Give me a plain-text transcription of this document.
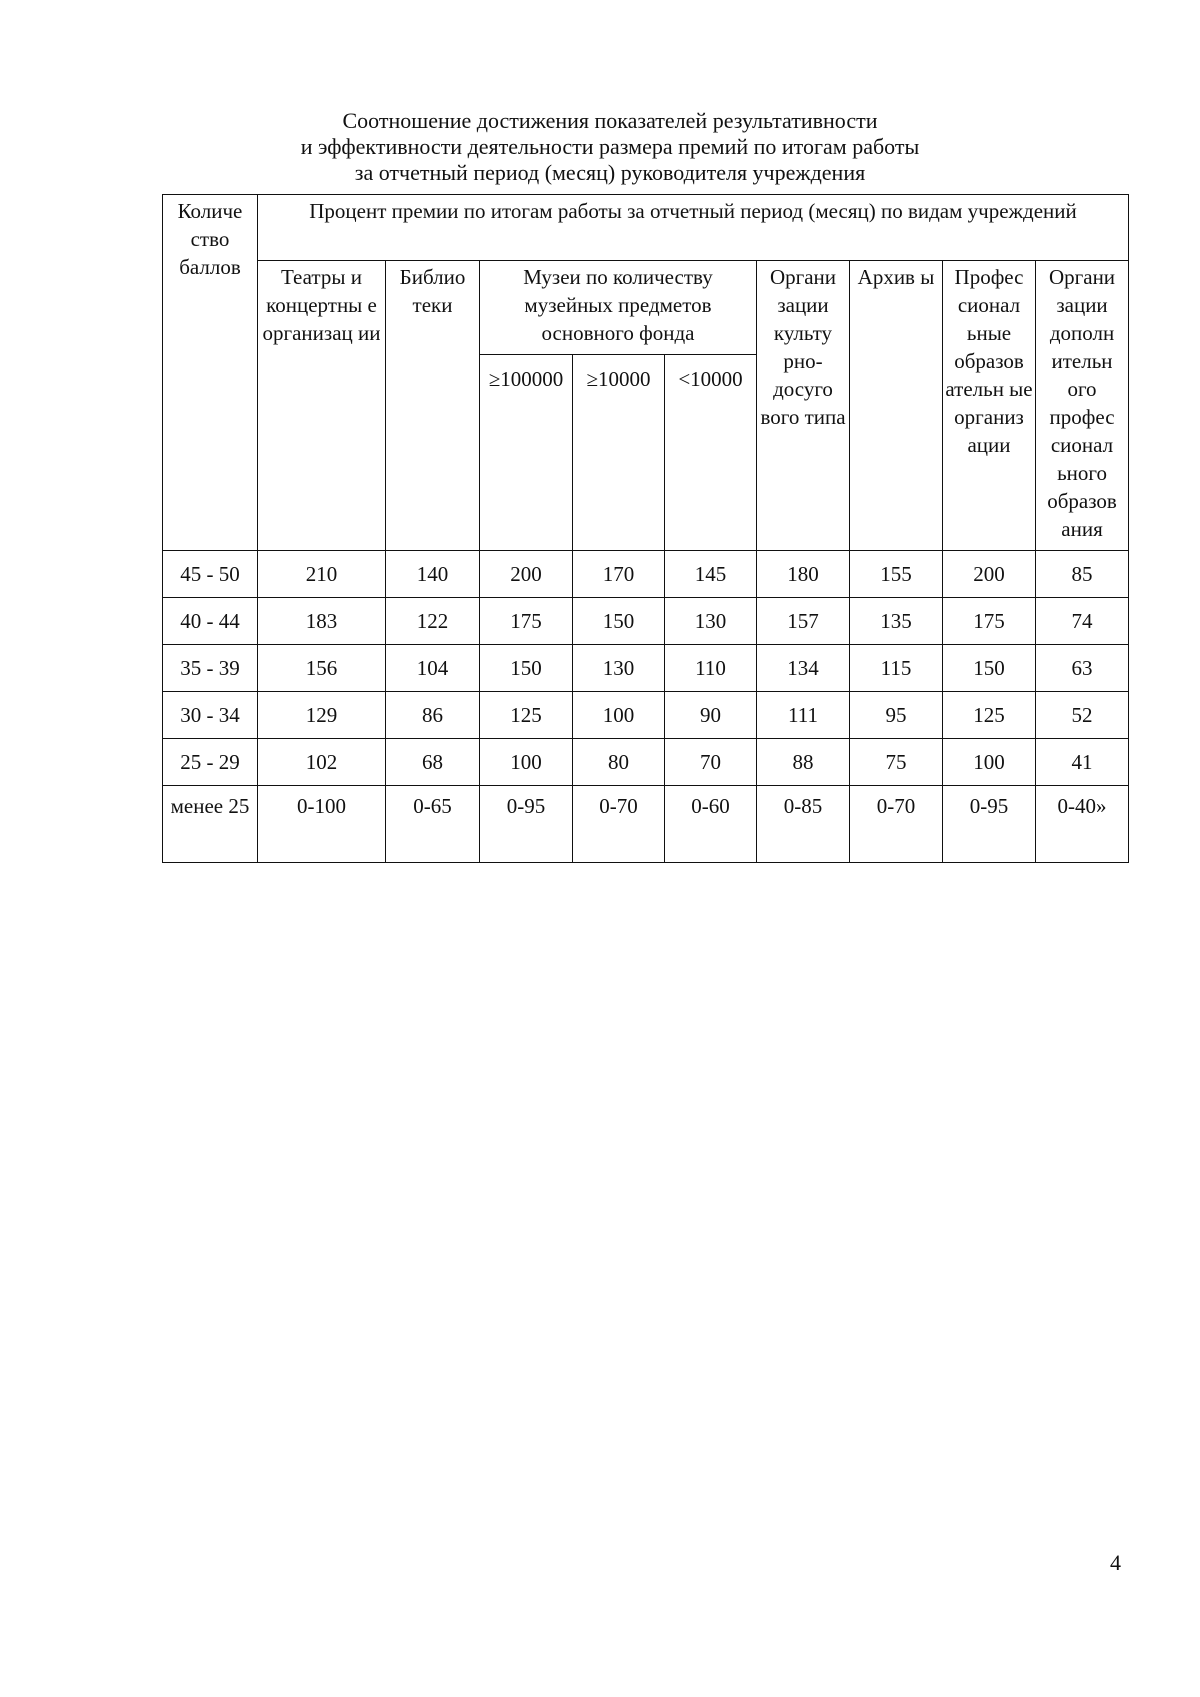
Соотношение достижения показателей результативности
и эффективности деятельности размера премий по итогам работы
за отчетный период (месяц) руководителя учреждения
Количе ство баллов	Процент премии по итогам работы за отчетный период (месяц) по видам учреждений								
	Театры и концертны е организац ии	Библио теки	Музеи по количеству музейных предметов основного фонда			Органи зации культу рно-досуго вого типа	Архив ы	Профес сионал ьные образов ательн ые организ ации	Органи зации дополн ительн ого профес сионал ьного образов ания
			≥100000	≥10000	<10000				
45 - 50	210	140	200	170	145	180	155	200	85
40 - 44	183	122	175	150	130	157	135	175	74
35 - 39	156	104	150	130	110	134	115	150	63
30 - 34	129	86	125	100	90	111	95	125	52
25 - 29	102	68	100	80	70	88	75	100	41
менее 25	0-100	0-65	0-95	0-70	0-60	0-85	0-70	0-95	0-40»
4
